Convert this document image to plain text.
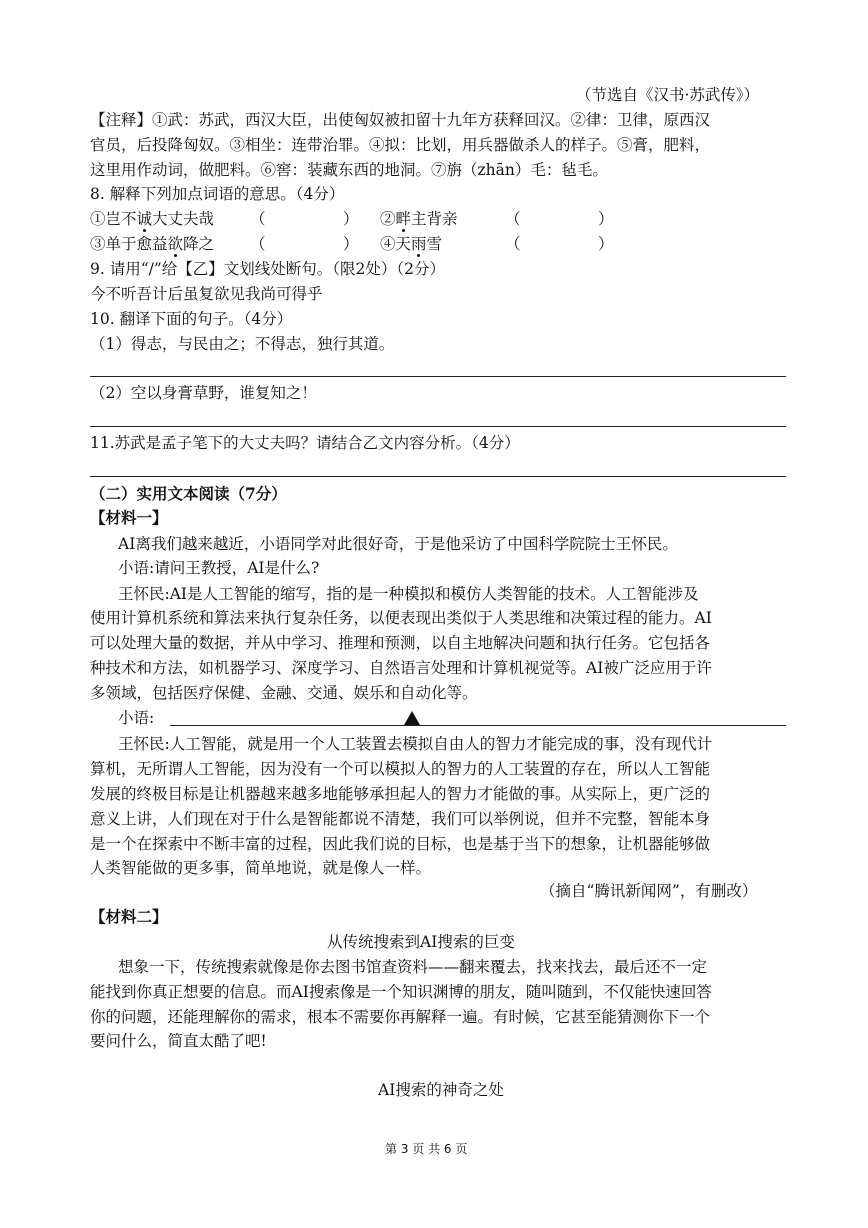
（节选自《汉书·苏武传》）
【注释】①武：苏武，西汉大臣，出使匈奴被扣留十九年方获释回汉。②律：卫律，原西汉
官员，后投降匈奴。③相坐：连带治罪。④拟：比划，用兵器做杀人的样子。⑤膏，肥料，
这里用作动词，做肥料。⑥窖：装藏东西的地洞。⑦旃（zhān）毛：毡毛。
8. 解释下列加点词语的意思。（4分）
①岂不诚大丈夫哉 （　　　　　） ②畔主背亲	（　　　　　）
③单于愈益欲降之 （　　　　　） ④天雨雪	（　　　　　）
9. 请用“/”给【乙】文划线处断句。（限2处）（2分）
今不听吾计后虽复欲见我尚可得乎
10. 翻译下面的句子。（4分）
（1）得志，与民由之；不得志，独行其道。
（2）空以身膏草野，谁复知之！
11.苏武是孟子笔下的大丈夫吗？请结合乙文内容分析。（4分）
（二）实用文本阅读（7分）
【材料一】
AI离我们越来越近，小语同学对此很好奇，于是他采访了中国科学院院士王怀民。
小语:请问王教授，AI是什么?
王怀民:AI是人工智能的缩写，指的是一种模拟和模仿人类智能的技术。人工智能涉及
使用计算机系统和算法来执行复杂任务，以便表现出类似于人类思维和决策过程的能力。AI
可以处理大量的数据，并从中学习、推理和预测，以自主地解决问题和执行任务。它包括各
种技术和方法，如机器学习、深度学习、自然语言处理和计算机视觉等。AI被广泛应用于许
多领域，包括医疗保健、金融、交通、娱乐和自动化等。
小语:
王怀民:人工智能，就是用一个人工装置去模拟自由人的智力才能完成的事，没有现代计
算机，无所谓人工智能，因为没有一个可以模拟人的智力的人工装置的存在，所以人工智能
发展的终极目标是让机器越来越多地能够承担起人的智力才能做的事。从实际上，更广泛的
意义上讲，人们现在对于什么是智能都说不清楚，我们可以举例说，但并不完整，智能本身
是一个在探索中不断丰富的过程，因此我们说的目标，也是基于当下的想象，让机器能够做
人类智能做的更多事，简单地说，就是像人一样。
（摘自“腾讯新闻网”，有删改）
【材料二】
从传统搜索到AI搜索的巨变
想象一下，传统搜索就像是你去图书馆查资料——翻来覆去，找来找去，最后还不一定
能找到你真正想要的信息。而AI搜索像是一个知识渊博的朋友，随叫随到，不仅能快速回答
你的问题，还能理解你的需求，根本不需要你再解释一遍。有时候，它甚至能猜测你下一个
要问什么，简直太酷了吧!
AI搜索的神奇之处
第 3 页 共 6 页
